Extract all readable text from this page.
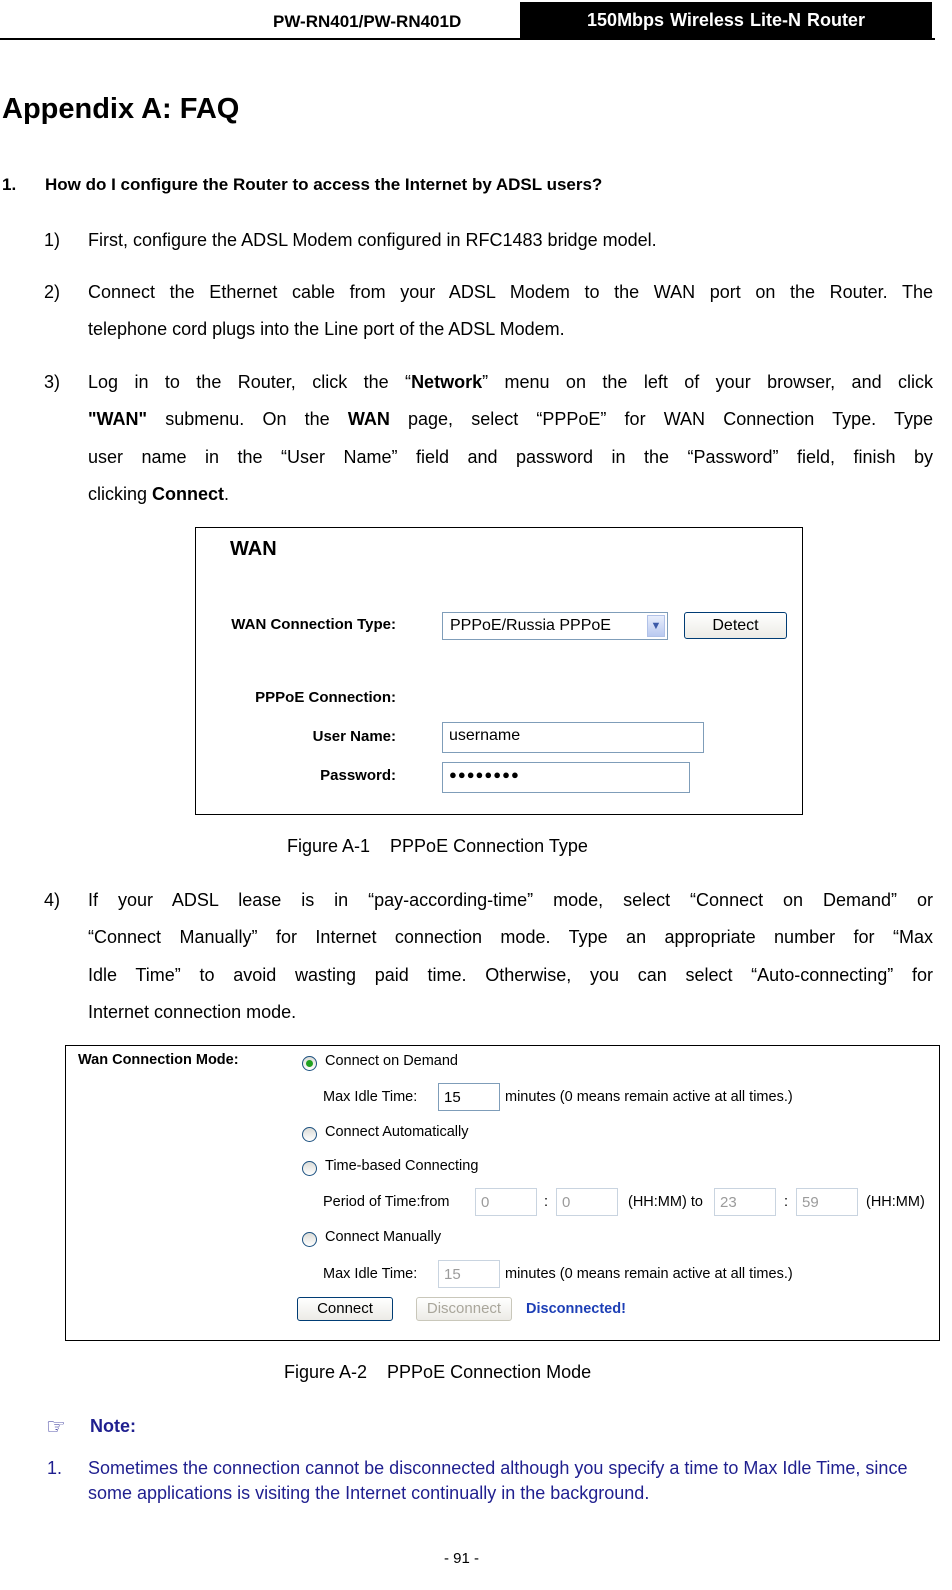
PW-RN401/PW-RN401D	150Mbps Wireless Lite-N Router
Appendix A: FAQ
1. How do I configure the Router to access the Internet by ADSL users?
1) First, configure the ADSL Modem configured in RFC1483 bridge model.
2) Connect the Ethernet cable from your ADSL Modem to the WAN port on the Router. The
telephone cord plugs into the Line port of the ADSL Modem.
3) Log in to the Router, click the “Network” menu on the left of your browser, and click
"WAN" submenu. On the WAN page, select “PPPoE” for WAN Connection Type. Type
user name in the “User Name” field and password in the “Password” field, finish by
clicking Connect.
WAN
WAN Connection Type:	PPPoE/Russia PPPoE	▼	Detect
PPPoE Connection:
User Name:	username
Password:	●●●●●●●●
Figure A-1    PPPoE Connection Type
4) If your ADSL lease is in “pay-according-time” mode, select “Connect on Demand” or
“Connect Manually” for Internet connection mode. Type an appropriate number for “Max
Idle Time” to avoid wasting paid time. Otherwise, you can select “Auto-connecting” for
Internet connection mode.
Wan Connection Mode:	Connect on Demand
Max Idle Time:	15	minutes (0 means remain active at all times.)
Connect Automatically
Time-based Connecting
Period of Time:from	0	: 0	(HH:MM) to	23	: 59	(HH:MM)
Connect Manually
Max Idle Time:	15	minutes (0 means remain active at all times.)
Connect	Disconnect	Disconnected!
Figure A-2    PPPoE Connection Mode
☞ Note:
1. Sometimes the connection cannot be disconnected although you specify a time to Max Idle Time, since some applications is visiting the Internet continually in the background.
- 91 -
